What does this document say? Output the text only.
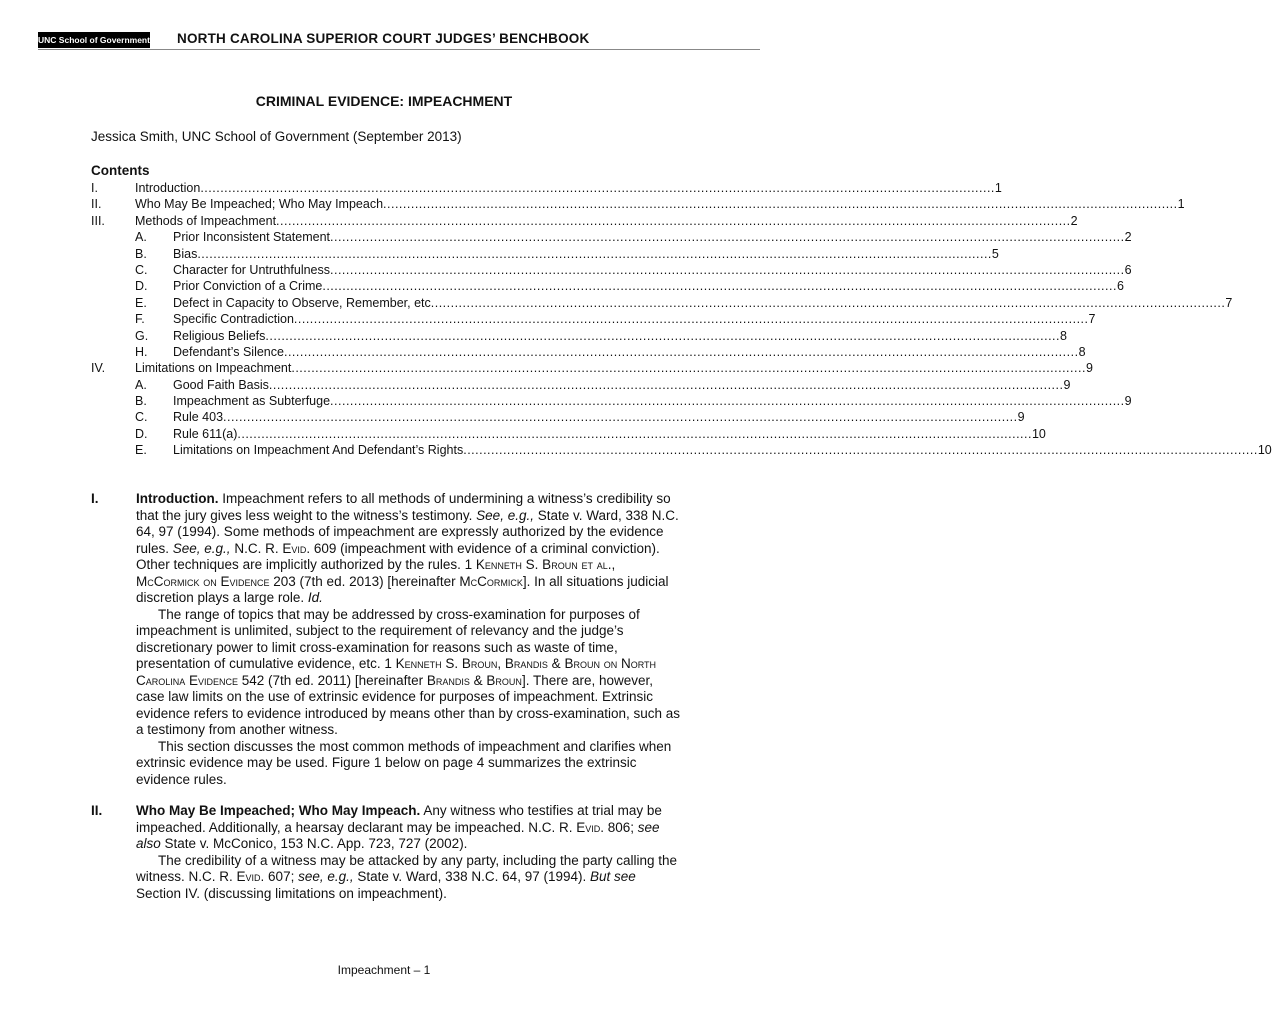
UNC School of Government NORTH CAROLINA SUPERIOR COURT JUDGES’ BENCHBOOK
CRIMINAL EVIDENCE: IMPEACHMENT
Jessica Smith, UNC School of Government (September 2013)
Contents
I.	Introduction ........................................................................................................................................................................................................ 1
II.	Who May Be Impeached; Who May Impeach ........................................................................................................................................................................................................ 1
III.	Methods of Impeachment ........................................................................................................................................................................................................ 2
A.	Prior Inconsistent Statement ........................................................................................................................................................................................................ 2
B.	Bias ........................................................................................................................................................................................................ 5
C.	Character for Untruthfulness ........................................................................................................................................................................................................ 6
D.	Prior Conviction of a Crime ........................................................................................................................................................................................................ 6
E.	Defect in Capacity to Observe, Remember, etc ........................................................................................................................................................................................................ 7
F.	Specific Contradiction ........................................................................................................................................................................................................ 7
G.	Religious Beliefs ........................................................................................................................................................................................................ 8
H.	Defendant’s Silence ........................................................................................................................................................................................................ 8
IV.	Limitations on Impeachment ........................................................................................................................................................................................................ 9
A.	Good Faith Basis ........................................................................................................................................................................................................ 9
B.	Impeachment as Subterfuge ........................................................................................................................................................................................................ 9
C.	Rule 403 ........................................................................................................................................................................................................ 9
D.	Rule 611(a) ........................................................................................................................................................................................................ 10
E.	Limitations on Impeachment And Defendant’s Rights ........................................................................................................................................................................................................ 10
I.	Introduction. Impeachment refers to all methods of undermining a witness’s credibility so that the jury gives less weight to the witness’s testimony. See, e.g., State v. Ward, 338 N.C. 64, 97 (1994). Some methods of impeachment are expressly authorized by the evidence rules. See, e.g., N.C. R. Evid. 609 (impeachment with evidence of a criminal conviction). Other techniques are implicitly authorized by the rules. 1 Kenneth S. Broun et al., McCormick on Evidence 203 (7th ed. 2013) [hereinafter McCormick]. In all situations judicial discretion plays a large role. Id.

The range of topics that may be addressed by cross-examination for purposes of impeachment is unlimited, subject to the requirement of relevancy and the judge’s discretionary power to limit cross-examination for reasons such as waste of time, presentation of cumulative evidence, etc. 1 Kenneth S. Broun, Brandis & Broun on North Carolina Evidence 542 (7th ed. 2011) [hereinafter Brandis & Broun]. There are, however, case law limits on the use of extrinsic evidence for purposes of impeachment. Extrinsic evidence refers to evidence introduced by means other than by cross-examination, such as a testimony from another witness.

This section discusses the most common methods of impeachment and clarifies when extrinsic evidence may be used. Figure 1 below on page 4 summarizes the extrinsic evidence rules.

II. Who May Be Impeached; Who May Impeach. Any witness who testifies at trial may be impeached. Additionally, a hearsay declarant may be impeached. N.C. R. Evid. 806; see also State v. McConico, 153 N.C. App. 723, 727 (2002).

The credibility of a witness may be attacked by any party, including the party calling the witness. N.C. R. Evid. 607; see, e.g., State v. Ward, 338 N.C. 64, 97 (1994). But see Section IV. (discussing limitations on impeachment).

Impeachment – 1
